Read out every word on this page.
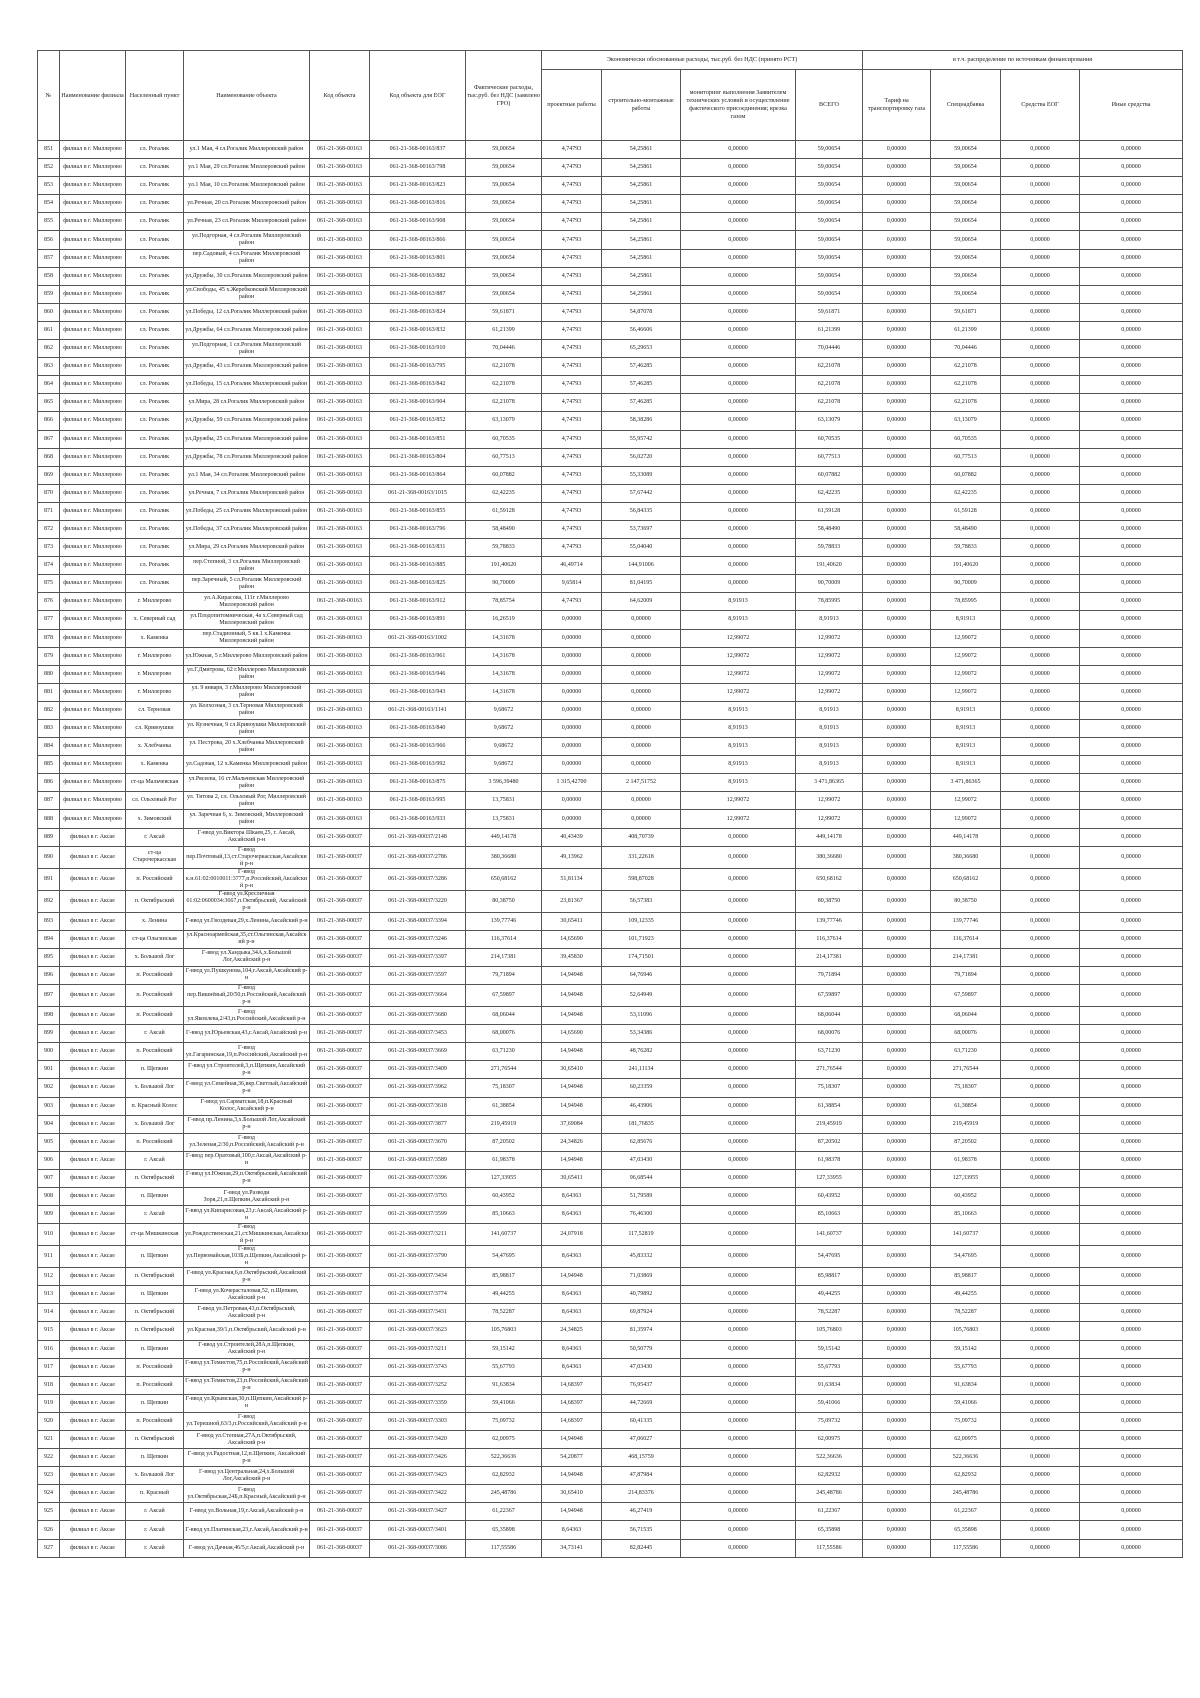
№	Наименование филиала	Населенный пункт	Наименование объекта	Код объекта	Код объекта для ЕОГ	Фактические расходы, тыс.руб. без НДС (заявлено ГРО)	Экономически обоснованные расходы, тыс.руб. без НДС (принято РСТ)				в т.ч. распределение по источникам финансирования			
							проектные работы	строительно-монтажные работы	мониторинг выполнения Заявителем технических условий и осуществление фактического присоединения; врезка газом	ВСЕГО	Тариф на транспортировку газа	Спецнадбавка	Средства ЕОГ	Иные средства
851	филиал в г. Миллерово	сл. Рогалик	ул.1 Мая, 4 сл.Рогалик Миллеровский район	061-21-368-00163	061-21-368-00163/837	59,00654	4,74793	54,25861	0,00000	59,00654	0,00000	59,00654	0,00000	0,00000
852	филиал в г. Миллерово	сл. Рогалик	ул.1 Мая, 29 сл.Рогалик Миллеровский район	061-21-368-00163	061-21-368-00163/798	59,00654	4,74793	54,25861	0,00000	59,00654	0,00000	59,00654	0,00000	0,00000
853	филиал в г. Миллерово	сл. Рогалик	ул.1 Мая, 10 сл.Рогалик Миллеровский район	061-21-368-00163	061-21-368-00163/823	59,00654	4,74793	54,25861	0,00000	59,00654	0,00000	59,00654	0,00000	0,00000
854	филиал в г. Миллерово	сл. Рогалик	ул.Речная, 20 сл.Рогалик Миллеровский район	061-21-368-00163	061-21-368-00163/816	59,00654	4,74793	54,25861	0,00000	59,00654	0,00000	59,00654	0,00000	0,00000
855	филиал в г. Миллерово	сл. Рогалик	ул.Речная, 23 сл.Рогалик Миллеровский район	061-21-368-00163	061-21-368-00163/908	59,00654	4,74793	54,25861	0,00000	59,00654	0,00000	59,00654	0,00000	0,00000
856	филиал в г. Миллерово	сл. Рогалик	ул.Подгорная, 4 сл.Рогалик Миллеровский район	061-21-368-00163	061-21-368-00163/866	59,00654	4,74793	54,25861	0,00000	59,00654	0,00000	59,00654	0,00000	0,00000
857	филиал в г. Миллерово	сл. Рогалик	пер.Садовый, 4 сл.Рогалик Миллеровский район	061-21-368-00163	061-21-368-00163/801	59,00654	4,74793	54,25861	0,00000	59,00654	0,00000	59,00654	0,00000	0,00000
858	филиал в г. Миллерово	сл. Рогалик	ул.Дружбы, 30 сл.Рогалик Миллеровский район	061-21-368-00163	061-21-368-00163/882	59,00654	4,74793	54,25861	0,00000	59,00654	0,00000	59,00654	0,00000	0,00000
859	филиал в г. Миллерово	сл. Рогалик	ул.Свободы, 45 х.Жеребковский Миллеровский район	061-21-368-00163	061-21-368-00163/887	59,00654	4,74793	54,25861	0,00000	59,00654	0,00000	59,00654	0,00000	0,00000
860	филиал в г. Миллерово	сл. Рогалик	ул.Победы, 12 сл.Рогалик Миллеровский район	061-21-368-00163	061-21-368-00163/824	59,61871	4,74793	54,87078	0,00000	59,61871	0,00000	59,61871	0,00000	0,00000
861	филиал в г. Миллерово	сл. Рогалик	ул.Дружбы, 64 сл.Рогалик Миллеровский район	061-21-368-00163	061-21-368-00163/832	61,21399	4,74793	56,46606	0,00000	61,21399	0,00000	61,21399	0,00000	0,00000
862	филиал в г. Миллерово	сл. Рогалик	ул.Подгорная, 1 сл.Рогалик Миллеровский район	061-21-368-00163	061-21-368-00163/910	70,04446	4,74793	65,29653	0,00000	70,04446	0,00000	70,04446	0,00000	0,00000
863	филиал в г. Миллерово	сл. Рогалик	ул.Дружбы, 43 сл.Рогалик Миллеровский район	061-21-368-00163	061-21-368-00163/795	62,21078	4,74793	57,46285	0,00000	62,21078	0,00000	62,21078	0,00000	0,00000
864	филиал в г. Миллерово	сл. Рогалик	ул.Победы, 15 сл.Рогалик Миллеровский район	061-21-368-00163	061-21-368-00163/842	62,21078	4,74793	57,46285	0,00000	62,21078	0,00000	62,21078	0,00000	0,00000
865	филиал в г. Миллерово	сл. Рогалик	ул.Мира, 28 сл.Рогалик Миллеровский район	061-21-368-00163	061-21-368-00163/904	62,21078	4,74793	57,46285	0,00000	62,21078	0,00000	62,21078	0,00000	0,00000
866	филиал в г. Миллерово	сл. Рогалик	ул.Дружбы, 59 сл.Рогалик Миллеровский район	061-21-368-00163	061-21-368-00163/852	63,13079	4,74793	58,38286	0,00000	63,13079	0,00000	63,13079	0,00000	0,00000
867	филиал в г. Миллерово	сл. Рогалик	ул.Дружбы, 25 сл.Рогалик Миллеровский район	061-21-368-00163	061-21-368-00163/851	60,70535	4,74793	55,95742	0,00000	60,70535	0,00000	60,70535	0,00000	0,00000
868	филиал в г. Миллерово	сл. Рогалик	ул.Дружбы, 78 сл.Рогалик Миллеровский район	061-21-368-00163	061-21-368-00163/804	60,77513	4,74793	56,02720	0,00000	60,77513	0,00000	60,77513	0,00000	0,00000
869	филиал в г. Миллерово	сл. Рогалик	ул.1 Мая, 34 сл.Рогалик Миллеровский район	061-21-368-00163	061-21-368-00163/864	60,07882	4,74793	55,33089	0,00000	60,07882	0,00000	60,07882	0,00000	0,00000
870	филиал в г. Миллерово	сл. Рогалик	ул.Речная, 7 сл.Рогалик Миллеровский район	061-21-368-00163	061-21-368-00163/1015	62,42235	4,74793	57,67442	0,00000	62,42235	0,00000	62,42235	0,00000	0,00000
871	филиал в г. Миллерово	сл. Рогалик	ул.Победы, 25 сл.Рогалик Миллеровский район	061-21-368-00163	061-21-368-00163/855	61,59128	4,74793	56,84335	0,00000	61,59128	0,00000	61,59128	0,00000	0,00000
872	филиал в г. Миллерово	сл. Рогалик	ул.Победы, 37 сл.Рогалик Миллеровский район	061-21-368-00163	061-21-368-00163/796	58,48490	4,74793	53,73697	0,00000	58,48490	0,00000	58,48490	0,00000	0,00000
873	филиал в г. Миллерово	сл. Рогалик	ул.Мира, 29 сл.Рогалик Миллеровский район	061-21-368-00163	061-21-368-00163/831	59,78833	4,74793	55,04040	0,00000	59,78833	0,00000	59,78833	0,00000	0,00000
874	филиал в г. Миллерово	сл. Рогалик	пер.Степной, 3 сл.Рогалик Миллеровский район	061-21-368-00163	061-21-368-00163/885	191,40620	46,49714	144,91006	0,00000	191,40620	0,00000	191,40620	0,00000	0,00000
875	филиал в г. Миллерово	сл. Рогалик	пер.Заречный, 5 сл.Рогалик Миллеровский район	061-21-368-00163	061-21-368-00163/825	90,70009	9,65814	81,04195	0,00000	90,70009	0,00000	90,70009	0,00000	0,00000
876	филиал в г. Миллерово	г. Миллерово	ул.А.Кирасова, 111г г.Миллерово Миллеровский район	061-21-368-00163	061-21-368-00163/912	78,85754	4,74793	64,62009	8,91913	78,85995	0,00000	78,85995	0,00000	0,00000
877	филиал в г. Миллерово	х. Северный сад	ул.Плодопитомническая, 4а х.Северный сад Миллеровский район	061-21-368-00163	061-21-368-00163/891	16,26519	0,00000	0,00000	8,91913	8,91913	0,00000	8,91913	0,00000	0,00000
878	филиал в г. Миллерово	х. Каменка	пер.Стадионный, 5 кв.1 х.Каменка Миллеровский район	061-21-368-00163	061-21-368-00163/1002	14,31678	0,00000	0,00000	12,99072	12,99072	0,00000	12,99072	0,00000	0,00000
879	филиал в г. Миллерово	г. Миллерово	ул.Южная, 5 г.Миллерово Миллеровский район	061-21-368-00163	061-21-368-00163/961	14,31678	0,00000	0,00000	12,99072	12,99072	0,00000	12,99072	0,00000	0,00000
880	филиал в г. Миллерово	г. Миллерово	ул.Г.Дмитрова, 62 г.Миллерово Миллеровский район	061-21-368-00163	061-21-368-00163/946	14,31678	0,00000	0,00000	12,99072	12,99072	0,00000	12,99072	0,00000	0,00000
881	филиал в г. Миллерово	г. Миллерово	ул. 9 января, 3 г.Миллерово Миллеровский район	061-21-368-00163	061-21-368-00163/943	14,31678	0,00000	0,00000	12,99072	12,99072	0,00000	12,99072	0,00000	0,00000
882	филиал в г. Миллерово	сл. Терновая	ул. Колхозная, 3 сл.Терновая Миллеровский район	061-21-368-00163	061-21-368-00163/1141	9,68672	0,00000	0,00000	8,91913	8,91913	0,00000	8,91913	0,00000	0,00000
883	филиал в г. Миллерово	сл. Кривоушки	ул. Кузнечная, 9 сл.Кривоушки Миллеровский район	061-21-368-00163	061-21-368-00163/840	9,68672	0,00000	0,00000	8,91913	8,91913	0,00000	8,91913	0,00000	0,00000
884	филиал в г. Миллерово	х. Хлебчанка	ул. Пестрова, 20 х.Хлебчанка Миллеровский район	061-21-368-00163	061-21-368-00163/966	9,68672	0,00000	0,00000	8,91913	8,91913	0,00000	8,91913	0,00000	0,00000
885	филиал в г. Миллерово	х. Каменка	ул.Садовая, 12 х.Каменка Миллеровский район	061-21-368-00163	061-21-368-00163/992	9,68672	0,00000	0,00000	8,91913	8,91913	0,00000	8,91913	0,00000	0,00000
886	филиал в г. Миллерово	ст-ца Мальчевская	ул.Рясеева, 16 ст.Мальчевская Миллеровский район	061-21-368-00163	061-21-368-00163/875	3 596,39480	1 315,42700	2 147,51752	8,91913	3 471,86365	0,00000	3 471,86365	0,00000	0,00000
887	филиал в г. Миллерово	сл. Ольховый Рог	ул. Титова 2, сл. Ольховый Рог, Миллеровский район	061-21-368-00163	061-21-368-00163/995	13,75831	0,00000	0,00000	12,99072	12,99072	0,00000	12,99072	0,00000	0,00000
888	филиал в г. Миллерово	х. Зимовский	ул. Заречная 6, х. Зимовский, Миллеровский район	061-21-368-00163	061-21-368-00163/933	13,75831	0,00000	0,00000	12,99072	12,99072	0,00000	12,99072	0,00000	0,00000
889	филиал в г. Аксае	г. Аксай	Г-ввод ул.Виктора Шкаев,25, г. Аксай, Аксайский р-н	061-21-368-00037	061-21-368-00037/2148	449,14178	40,43439	408,70739	0,00000	449,14178	0,00000	449,14178	0,00000	0,00000
890	филиал в г. Аксае	ст-ца Старочеркасская	Г-ввод пер.Почтовый,13,ст.Старочеркасская,Аксайский р-н	061-21-368-00037	061-21-368-00037/2786	380,36680	49,13962	331,22618	0,00000	380,36680	0,00000	380,36680	0,00000	0,00000
891	филиал в г. Аксае	п. Российский	Г-ввод к.н.61:02:0010011:3777,п.Российский,Аксайский р-н	061-21-368-00037	061-21-368-00037/3286	650,68162	51,81134	598,87028	0,00000	650,68162	0,00000	650,68162	0,00000	0,00000
892	филиал в г. Аксае	п. Октябрьский	Г-ввод ул.Кресличная 61:02:0600034:3667,п.Октябрьский, Аксайский р-н	061-21-368-00037	061-21-368-00037/3220	80,38750	23,81367	56,57383	0,00000	80,38750	0,00000	80,38750	0,00000	0,00000
893	филиал в г. Аксае	х. Ленина	Г-ввод ул.Гвоздевая,29,х.Ленина,Аксайский р-н	061-21-368-00037	061-21-368-00037/3394	139,77746	30,65411	109,12335	0,00000	139,77746	0,00000	139,77746	0,00000	0,00000
894	филиал в г. Аксае	ст-ца Ольгинская	ул.Красноармейская,35,ст.Ольгинская,Аксайский р-н	061-21-368-00037	061-21-368-00037/3246	116,37614	14,65690	101,71923	0,00000	116,37614	0,00000	116,37614	0,00000	0,00000
895	филиал в г. Аксае	х. Большой Лог	Г-ввод ул.Хандыка,34А,х.Большой Лог,Аксайский р-н	061-21-368-00037	061-21-368-00037/3397	214,17381	39,45830	174,71501	0,00000	214,17381	0,00000	214,17381	0,00000	0,00000
896	филиал в г. Аксае	п. Российский	Г-ввод ул.Пушкунова,104,г.Аксай,Аксайский р-н	061-21-368-00037	061-21-368-00037/3597	79,71894	14,94948	64,76946	0,00000	79,71894	0,00000	79,71894	0,00000	0,00000
897	филиал в г. Аксае	п. Российский	Г-ввод пер.Вишнёвый,20/50,п.Российский,Аксайский р-н	061-21-368-00037	061-21-368-00037/3664	67,59897	14,94948	52,64949	0,00000	67,59897	0,00000	67,59897	0,00000	0,00000
898	филиал в г. Аксае	п. Российский	Г-ввод ул.Яковлева,2/43,п.Российский,Аксайский р-н	061-21-368-00037	061-21-368-00037/3680	68,06044	14,94948	53,11096	0,00000	68,06044	0,00000	68,06044	0,00000	0,00000
899	филиал в г. Аксае	г. Аксай	Г-ввод ул.Юрьевская,43,г.Аксай,Аксайский р-н	061-21-368-00037	061-21-368-00037/3453	68,00076	14,65690	53,34386	0,00000	68,00076	0,00000	68,00076	0,00000	0,00000
900	филиал в г. Аксае	п. Российский	Г-ввод ул.Гагаринская,19,п.Российский,Аксайский р-н	061-21-368-00037	061-21-368-00037/3669	63,71230	14,94948	48,76282	0,00000	63,71230	0,00000	63,71230	0,00000	0,00000
901	филиал в г. Аксае	п. Щепкин	Г-ввод ул.Строителей,3,п.Щепкин,Аксайский р-н	061-21-368-00037	061-21-368-00037/3409	271,76544	30,65410	241,11134	0,00000	271,76544	0,00000	271,76544	0,00000	0,00000
902	филиал в г. Аксае	х. Большой Лог	Г-ввод ул.Семейная,36,вкр.Светлый,Аксайский р-н	061-21-368-00037	061-21-368-00037/3962	75,18307	14,94948	60,23359	0,00000	75,18307	0,00000	75,18307	0,00000	0,00000
903	филиал в г. Аксае	п. Красный Колос	Г-ввод ул.Сарматская,18,п.Красный Колос,Аксайский р-н	061-21-368-00037	061-21-368-00037/3618	61,38854	14,94948	46,43906	0,00000	61,38854	0,00000	61,38854	0,00000	0,00000
904	филиал в г. Аксае	х. Большой Лог	Г-ввод пр.Ленина,3,х.Большой Лог,Аксайский р-н	061-21-368-00037	061-21-368-00037/3877	219,45919	37,69084	181,76835	0,00000	219,45919	0,00000	219,45919	0,00000	0,00000
905	филиал в г. Аксае	п. Российский	Г-ввод ул.Зеленая,2/30,п.Российский,Аксайский р-н	061-21-368-00037	061-21-368-00037/3670	87,20502	24,34826	62,85676	0,00000	87,20502	0,00000	87,20502	0,00000	0,00000
906	филиал в г. Аксае	г. Аксай	Г-ввод пер.Оратовый,100,г.Аксай,Аксайский р-н	061-21-368-00037	061-21-368-00037/3589	61,98378	14,94948	47,03430	0,00000	61,98378	0,00000	61,98378	0,00000	0,00000
907	филиал в г. Аксае	п. Октябрьский	Г-ввод ул.Южная,29,п.Октябрьский,Аксайский р-н	061-21-368-00037	061-21-368-00037/3396	127,33955	30,65411	96,68544	0,00000	127,33955	0,00000	127,33955	0,00000	0,00000
908	филиал в г. Аксае	п. Щепкин	Г-ввод ул.Разводи Зоря,21,п.Щепкин,Аксайский р-н	061-21-368-00037	061-21-368-00037/3793	60,43952	8,64363	51,79589	0,00000	60,43952	0,00000	60,43952	0,00000	0,00000
909	филиал в г. Аксае	г. Аксай	Г-ввод ул.Кипарисовая,23,г.Аксай,Аксайский р-н	061-21-368-00037	061-21-368-00037/3599	85,10663	8,64363	76,46300	0,00000	85,10663	0,00000	85,10663	0,00000	0,00000
910	филиал в г. Аксае	ст-ца Мишкинская	Г-ввод ул.Рождественская,21,ст.Мишкинская,Аксайский р-н	061-21-368-00037	061-21-368-00037/3211	141,60737	24,07918	117,52819	0,00000	141,60737	0,00000	141,60737	0,00000	0,00000
911	филиал в г. Аксае	п. Щепкин	Г-ввод ул.Первомайская,103Б,п.Щепкин,Аксайский р-н	061-21-368-00037	061-21-368-00037/3790	54,47695	8,64363	45,83332	0,00000	54,47695	0,00000	54,47695	0,00000	0,00000
912	филиал в г. Аксае	п. Октябрьский	Г-ввод ул.Красная,6,п.Октябрьский,Аксайский р-н	061-21-368-00037	061-21-368-00037/3434	85,98817	14,94948	71,03869	0,00000	85,98817	0,00000	85,98817	0,00000	0,00000
913	филиал в г. Аксае	п. Щепкин	Г-ввод ул.Кочерасталовая,52, п.Щепкин, Аксайский р-н	061-21-368-00037	061-21-368-00037/3774	49,44255	8,64363	40,79892	0,00000	49,44255	0,00000	49,44255	0,00000	0,00000
914	филиал в г. Аксае	п. Октябрьский	Г-ввод ул.Петровая,43,п.Октябрьский, Аксайский р-н	061-21-368-00037	061-21-368-00037/3431	78,52287	8,64363	69,87924	0,00000	78,52287	0,00000	78,52287	0,00000	0,00000
915	филиал в г. Аксае	п. Октябрьский	ул.Красная,39/1,п.Октябрьский,Аксайский р-н	061-21-368-00037	061-21-368-00037/3623	105,76803	24,34825	81,35974	0,00000	105,76803	0,00000	105,76803	0,00000	0,00000
916	филиал в г. Аксае	п. Щепкин	Г-ввод ул.Строителей,28А,п.Щепкин, Аксайский р-н	061-21-368-00037	061-21-368-00037/3211	59,15142	8,64363	50,50779	0,00000	59,15142	0,00000	59,15142	0,00000	0,00000
917	филиал в г. Аксае	п. Российский	Г-ввод ул.Темистов,75,п.Российский,Аксайский р-н	061-21-368-00037	061-21-368-00037/3743	55,67793	8,64363	47,03430	0,00000	55,67793	0,00000	55,67793	0,00000	0,00000
918	филиал в г. Аксае	п. Российский	Г-ввод ул.Темистов,23,п.Российский,Аксайский р-н	061-21-368-00037	061-21-368-00037/3252	91,63834	14,68397	76,95437	0,00000	91,63834	0,00000	91,63834	0,00000	0,00000
919	филиал в г. Аксае	п. Щепкин	Г-ввод ул.Крымская,30,п.Щепкин,Аксайский р-н	061-21-368-00037	061-21-368-00037/3359	59,41066	14,68397	44,72669	0,00000	59,41066	0,00000	59,41066	0,00000	0,00000
920	филиал в г. Аксае	п. Российский	Г-ввод ул.Терешной,63/3,п.Российский,Аксайский р-н	061-21-368-00037	061-21-368-00037/3303	75,09732	14,68397	60,41335	0,00000	75,09732	0,00000	75,09732	0,00000	0,00000
921	филиал в г. Аксае	п. Октябрьский	Г-ввод ул.Степная,27А,п.Октябрьский, Аксайский р-н	061-21-368-00037	061-21-368-00037/3420	62,00975	14,94948	47,06027	0,00000	62,00975	0,00000	62,00975	0,00000	0,00000
922	филиал в г. Аксае	п. Щепкин	Г-ввод ул.Радостная,12,п.Щепкин, Аксайский р-н	061-21-368-00037	061-21-368-00037/3426	522,36636	54,20877	468,15759	0,00000	522,36636	0,00000	522,36636	0,00000	0,00000
923	филиал в г. Аксае	х. Большой Лог	Г-ввод ул.Центральная,24,х.Большой Лог,Аксайский р-н	061-21-368-00037	061-21-368-00037/3423	62,82932	14,94948	47,87984	0,00000	62,82932	0,00000	62,82932	0,00000	0,00000
924	филиал в г. Аксае	п. Красный	Г-ввод ул.Октябрьская,24Б,п.Красный,Аксайский р-н	061-21-368-00037	061-21-368-00037/3422	245,48786	30,65410	214,83376	0,00000	245,48786	0,00000	245,48786	0,00000	0,00000
925	филиал в г. Аксае	г. Аксай	Г-ввод ул.Вольная,19,г.Аксай,Аксайский р-н	061-21-368-00037	061-21-368-00037/3427	61,22367	14,94948	46,27419	0,00000	61,22367	0,00000	61,22367	0,00000	0,00000
926	филиал в г. Аксае	г. Аксай	Г-ввод ул.Платинская,23,г.Аксай,Аксайский р-н	061-21-368-00037	061-21-368-00037/3401	65,35898	8,64363	56,71535	0,00000	65,35898	0,00000	65,35898	0,00000	0,00000
927	филиал в г. Аксае	г. Аксай	Г-ввод ул.Дачная,46/5,г.Аксай,Аксайский р-н	061-21-368-00037	061-21-368-00037/3086	117,55586	34,73141	82,82445	0,00000	117,55586	0,00000	117,55586	0,00000	0,00000
